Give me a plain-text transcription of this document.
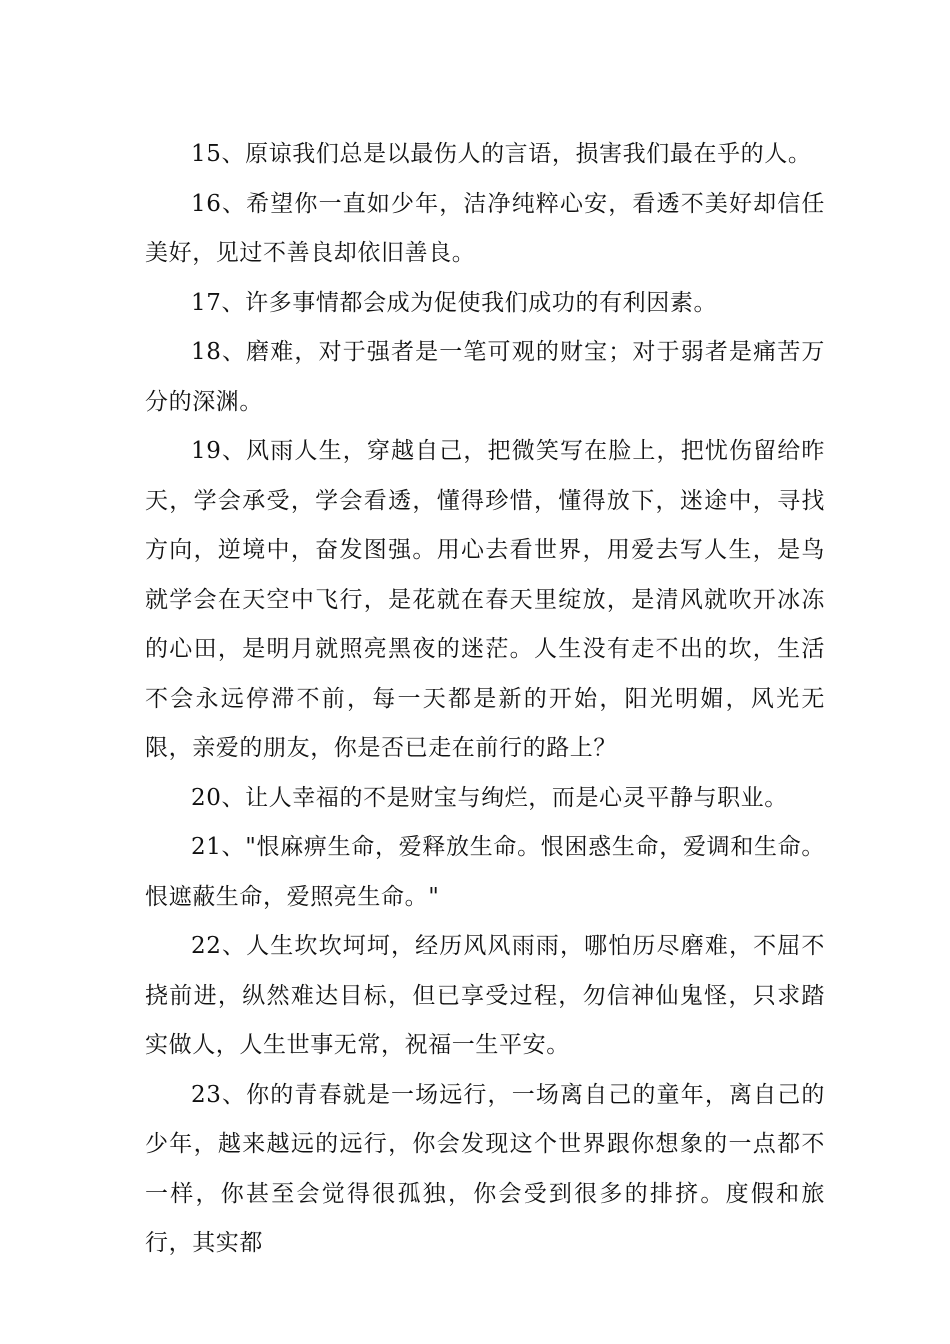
15、原谅我们总是以最伤人的言语，损害我们最在乎的人。

16、希望你一直如少年，洁净纯粹心安，看透不美好却信任美好，见过不善良却依旧善良。

17、许多事情都会成为促使我们成功的有利因素。

18、磨难，对于强者是一笔可观的财宝；对于弱者是痛苦万分的深渊。

19、风雨人生，穿越自己，把微笑写在脸上，把忧伤留给昨天，学会承受，学会看透，懂得珍惜，懂得放下，迷途中，寻找方向，逆境中，奋发图强。用心去看世界，用爱去写人生，是鸟就学会在天空中飞行，是花就在春天里绽放，是清风就吹开冰冻的心田，是明月就照亮黑夜的迷茫。人生没有走不出的坎，生活不会永远停滞不前，每一天都是新的开始，阳光明媚，风光无限，亲爱的朋友，你是否已走在前行的路上？

20、让人幸福的不是财宝与绚烂，而是心灵平静与职业。

21、"恨麻痹生命，爱释放生命。恨困惑生命，爱调和生命。恨遮蔽生命，爱照亮生命。"

22、人生坎坎坷坷，经历风风雨雨，哪怕历尽磨难，不屈不挠前进，纵然难达目标，但已享受过程，勿信神仙鬼怪，只求踏实做人，人生世事无常，祝福一生平安。

23、你的青春就是一场远行，一场离自己的童年，离自己的少年，越来越远的远行，你会发现这个世界跟你想象的一点都不一样，你甚至会觉得很孤独，你会受到很多的排挤。度假和旅行，其实都
